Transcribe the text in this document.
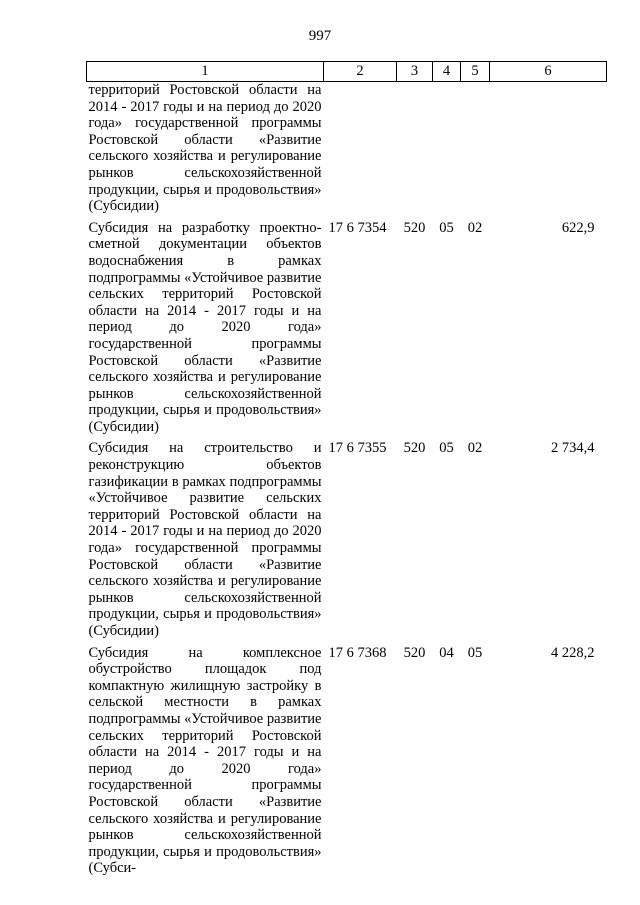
997
1	2	3	4	5	6
территорий Ростовской области на 2014 - 2017 годы и на период до 2020 года» государственной программы Ростовской области «Развитие сельского хозяйства и регулирование рынков сельскохозяйственной продукции, сырья и продовольствия» (Субсидии)					
Субсидия на разработку проектно-сметной документации объектов водоснабжения в рамках подпрограммы «Устойчивое развитие сельских территорий Ростовской области на 2014 - 2017 годы и на период до 2020 года» государственной программы Ростовской области «Развитие сельского хозяйства и регулирование рынков сельскохозяйственной продукции, сырья и продовольствия» (Субсидии)	17 6 7354	520	05	02	622,9
Субсидия на строительство и реконструкцию объектов газификации в рамках подпрограммы «Устойчивое развитие сельских территорий Ростовской области на 2014 - 2017 годы и на период до 2020 года» государственной программы Ростовской области «Развитие сельского хозяйства и регулирование рынков сельскохозяйственной продукции, сырья и продовольствия» (Субсидии)	17 6 7355	520	05	02	2 734,4
Субсидия на комплексное обустройство площадок под компактную жилищную застройку в сельской местности в рамках подпрограммы «Устойчивое развитие сельских территорий Ростовской области на 2014 - 2017 годы и на период до 2020 года» государственной программы Ростовской области «Развитие сельского хозяйства и регулирование рынков сельскохозяйственной продукции, сырья и продовольствия» (Субси-	17 6 7368	520	04	05	4 228,2
